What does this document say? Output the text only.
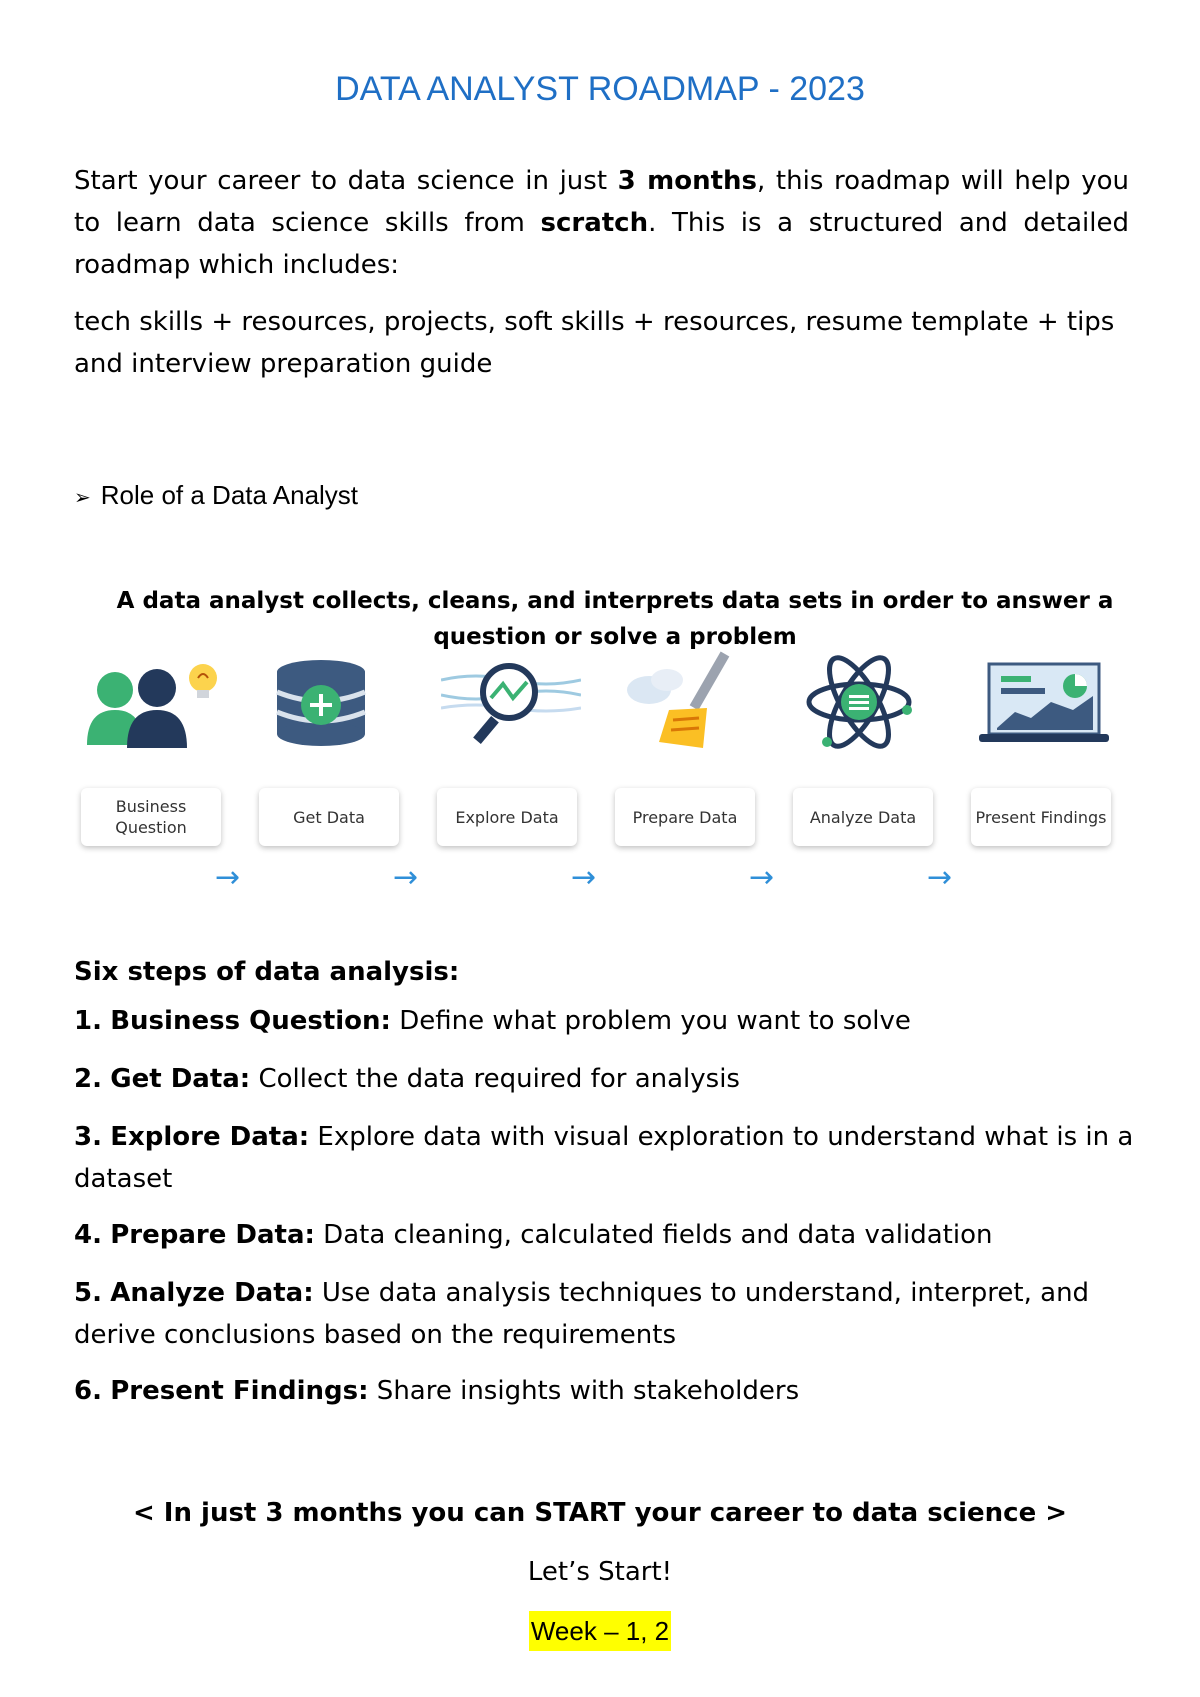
DATA ANALYST ROADMAP - 2023
Start your career to data science in just 3 months, this roadmap will help you to learn data science skills from scratch. This is a structured and detailed roadmap which includes:
tech skills + resources, projects, soft skills + resources, resume template + tips and interview preparation guide
➢ Role of a Data Analyst
A data analyst collects, cleans, and interprets data sets in order to answer a question or solve a problem
Business Question
→
Get Data
→
Explore Data
→
Prepare Data
→
Analyze Data
→
Present Findings
Six steps of data analysis:
1. Business Question: Define what problem you want to solve
2. Get Data: Collect the data required for analysis
3. Explore Data: Explore data with visual exploration to understand what is in a dataset
4. Prepare Data: Data cleaning, calculated fields and data validation
5. Analyze Data: Use data analysis techniques to understand, interpret, and derive conclusions based on the requirements
6. Present Findings: Share insights with stakeholders
< In just 3 months you can START your career to data science >
Let’s Start!
Week – 1, 2
